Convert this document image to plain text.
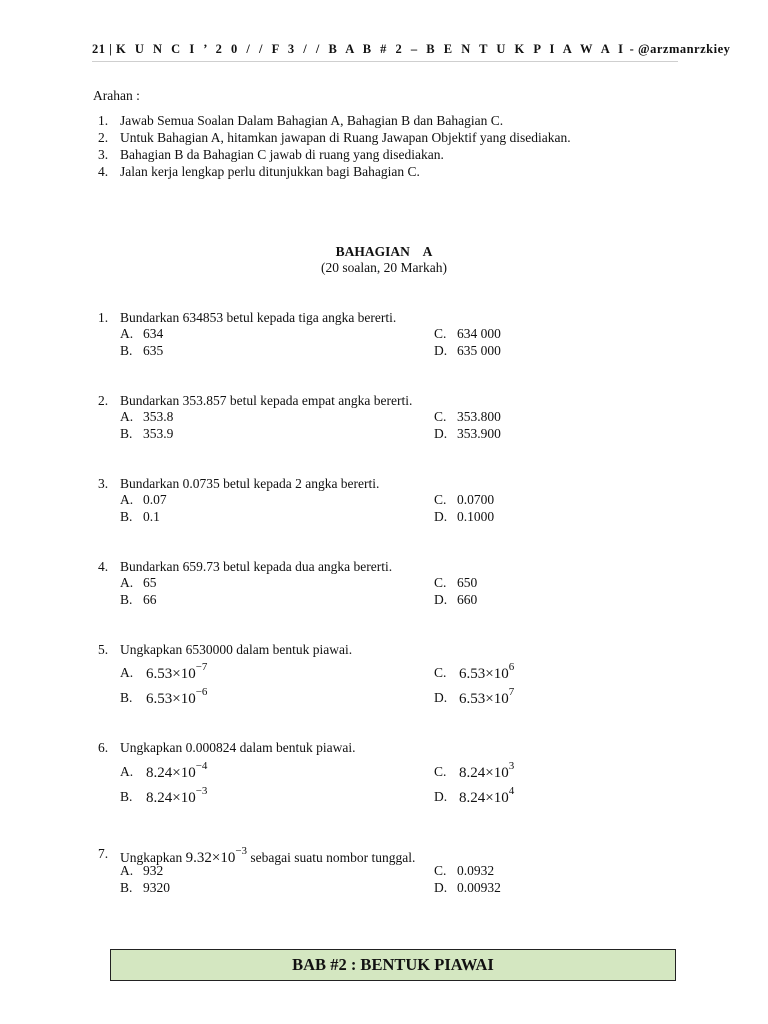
21 | K U N C I ’ 2 0 / / F 3 / / B A B # 2 – B E N T U K P I A W A I - @arzmanrzkiey
Arahan :
1. Jawab Semua Soalan Dalam Bahagian A, Bahagian B dan Bahagian C.
2. Untuk Bahagian A, hitamkan jawapan di Ruang Jawapan Objektif yang disediakan.
3. Bahagian B da Bahagian C jawab di ruang yang disediakan.
4. Jalan kerja lengkap perlu ditunjukkan bagi Bahagian C.
BAHAGIAN    A
(20 soalan, 20 Markah)
1. Bundarkan 634853 betul kepada tiga angka bererti.
A. 634
B. 635
C. 634 000
D. 635 000
2. Bundarkan 353.857 betul kepada empat angka bererti.
A. 353.8
B. 353.9
C. 353.800
D. 353.900
3. Bundarkan 0.0735 betul kepada 2 angka bererti.
A. 0.07
B. 0.1
C. 0.0700
D. 0.1000
4. Bundarkan 659.73 betul kepada dua angka bererti.
A. 65
B. 66
C. 650
D. 660
5. Ungkapkan 6530000 dalam bentuk piawai.
A. $6.53\times 10^{-7}$
B. $6.53\times 10^{-6}$
C. $6.53\times 10^6$
D. $6.53\times 10^7$
6. Ungkapkan 0.000824 dalam bentuk piawai.
A. $8.24\times 10^{-4}$
B. $8.24\times 10^{-3}$
C. $8.24\times 10^3$
D. $8.24\times 10^4$
7. Ungkapkan $9.32\times 10^{-3}$ sebagai suatu nombor tunggal.
A. 932
B. 9320
C. 0.0932
D. 0.00932
BAB #2 : BENTUK PIAWAI
